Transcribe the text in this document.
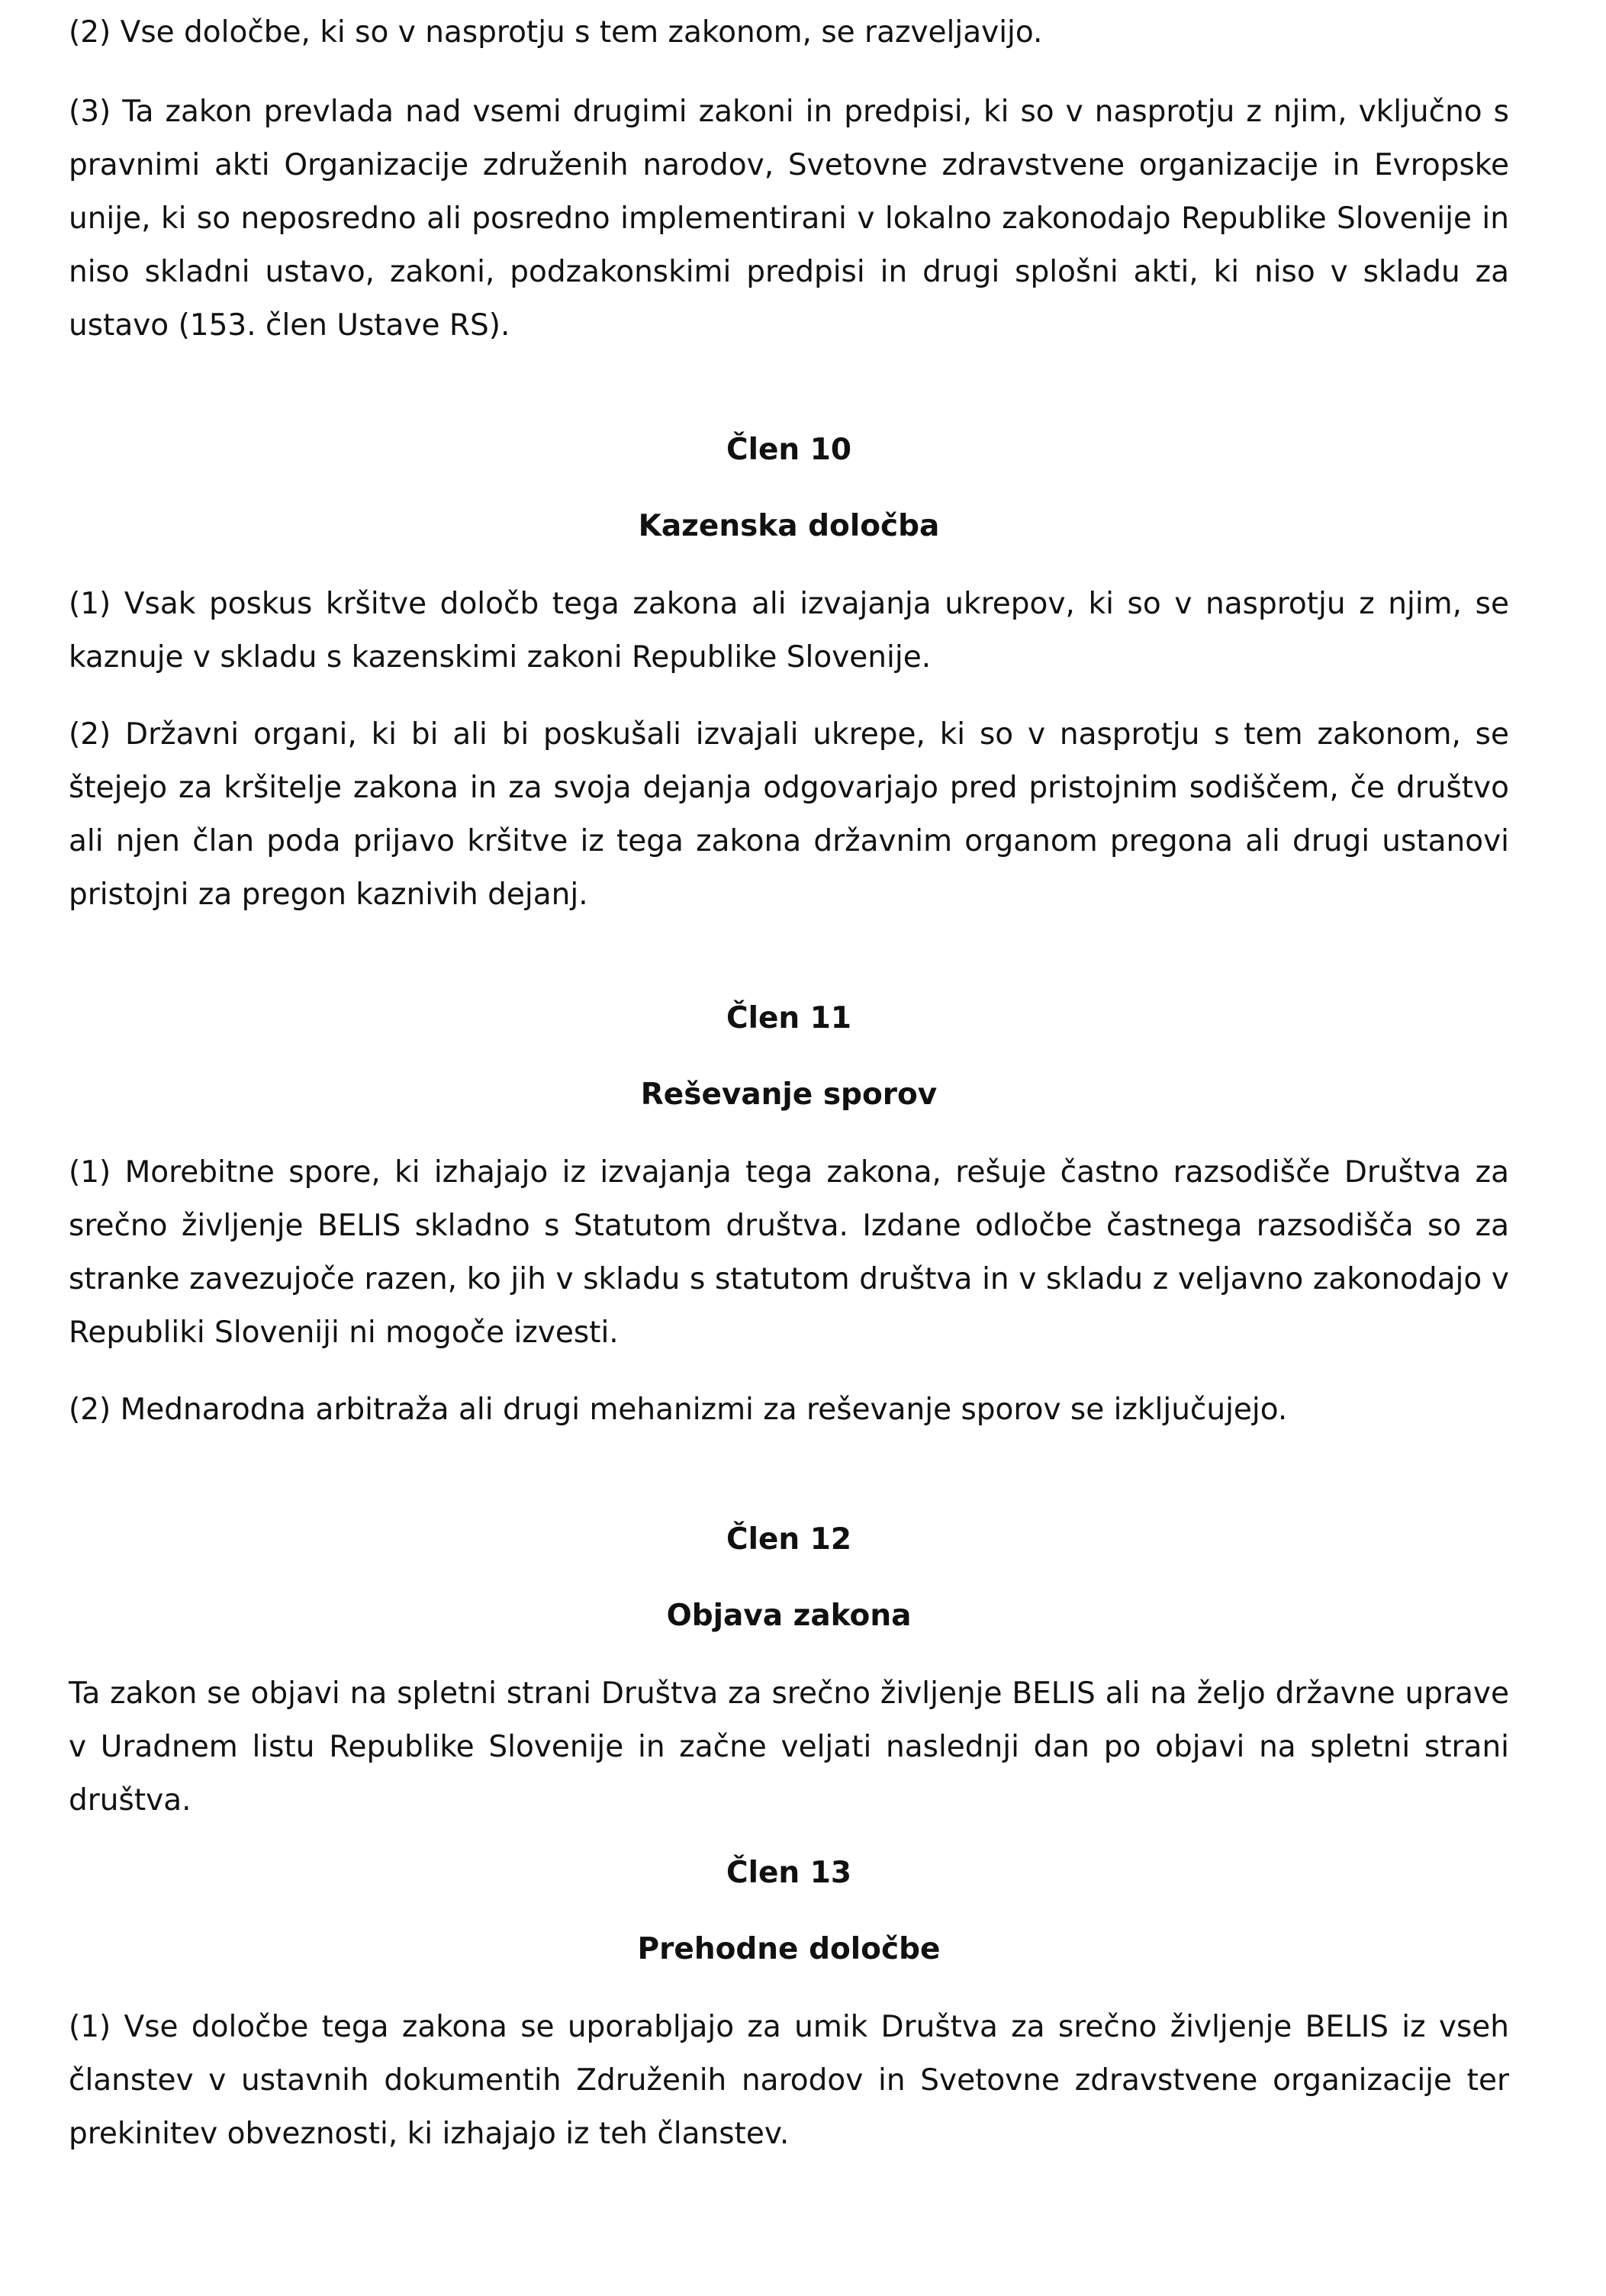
(2) Vse določbe, ki so v nasprotju s tem zakonom, se razveljavijo.

(3) Ta zakon prevlada nad vsemi drugimi zakoni in predpisi, ki so v nasprotju z njim, vključno s pravnimi akti Organizacije združenih narodov, Svetovne zdravstvene organizacije in Evropske unije, ki so neposredno ali posredno implementirani v lokalno zakonodajo Republike Slovenije in niso skladni ustavo, zakoni, podzakonskimi predpisi in drugi splošni akti, ki niso v skladu za ustavo (153. člen Ustave RS).

Člen 10

Kazenska določba

(1) Vsak poskus kršitve določb tega zakona ali izvajanja ukrepov, ki so v nasprotju z njim, se kaznuje v skladu s kazenskimi zakoni Republike Slovenije.

(2) Državni organi, ki bi ali bi poskušali izvajali ukrepe, ki so v nasprotju s tem zakonom, se štejejo za kršitelje zakona in za svoja dejanja odgovarjajo pred pristojnim sodiščem, če društvo ali njen član poda prijavo kršitve iz tega zakona državnim organom pregona ali drugi ustanovi pristojni za pregon kaznivih dejanj.

Člen 11

Reševanje sporov

(1) Morebitne spore, ki izhajajo iz izvajanja tega zakona, rešuje častno razsodišče Društva za srečno življenje BELIS skladno s Statutom društva. Izdane odločbe častnega razsodišča so za stranke zavezujoče razen, ko jih v skladu s statutom društva in v skladu z veljavno zakonodajo v Republiki Sloveniji ni mogoče izvesti.

(2) Mednarodna arbitraža ali drugi mehanizmi za reševanje sporov se izključujejo.

Člen 12

Objava zakona

Ta zakon se objavi na spletni strani Društva za srečno življenje BELIS ali na željo državne uprave v Uradnem listu Republike Slovenije in začne veljati naslednji dan po objavi na spletni strani društva.

Člen 13

Prehodne določbe

(1) Vse določbe tega zakona se uporabljajo za umik Društva za srečno življenje BELIS iz vseh članstev v ustavnih dokumentih Združenih narodov in Svetovne zdravstvene organizacije ter prekinitev obveznosti, ki izhajajo iz teh članstev.
